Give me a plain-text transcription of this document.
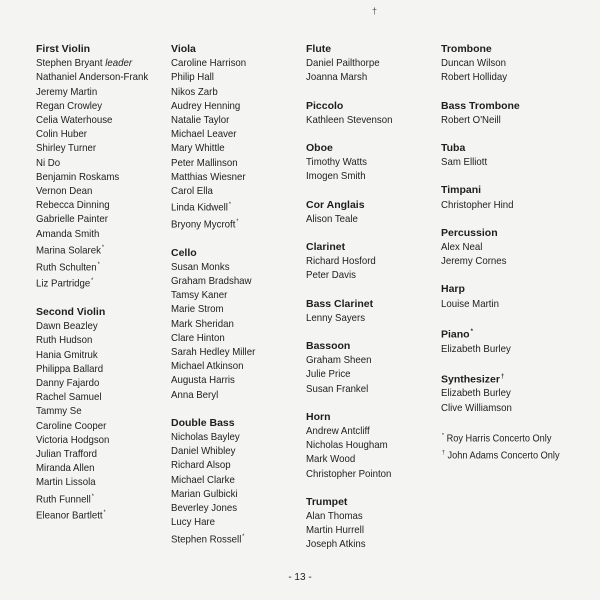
†
First Violin
Stephen Bryant leader
Nathaniel Anderson-Frank
Jeremy Martin
Regan Crowley
Celia Waterhouse
Colin Huber
Shirley Turner
Ni Do
Benjamin Roskams
Vernon Dean
Rebecca Dinning
Gabrielle Painter
Amanda Smith
Marina Solarek*
Ruth Schulten*
Liz Partridge*
Second Violin
Dawn Beazley
Ruth Hudson
Hania Gmitruk
Philippa Ballard
Danny Fajardo
Rachel Samuel
Tammy Se
Caroline Cooper
Victoria Hodgson
Julian Trafford
Miranda Allen
Martin Lissola
Ruth Funnell*
Eleanor Bartlett*
Viola
Caroline Harrison
Philip Hall
Nikos Zarb
Audrey Henning
Natalie Taylor
Michael Leaver
Mary Whittle
Peter Mallinson
Matthias Wiesner
Carol Ella
Linda Kidwell*
Bryony Mycroft*
Cello
Susan Monks
Graham Bradshaw
Tamsy Kaner
Marie Strom
Mark Sheridan
Clare Hinton
Sarah Hedley Miller
Michael Atkinson
Augusta Harris
Anna Beryl
Double Bass
Nicholas Bayley
Daniel Whibley
Richard Alsop
Michael Clarke
Marian Gulbicki
Beverley Jones
Lucy Hare
Stephen Rossell*
Flute
Daniel Pailthorpe
Joanna Marsh
Piccolo
Kathleen Stevenson
Oboe
Timothy Watts
Imogen Smith
Cor Anglais
Alison Teale
Clarinet
Richard Hosford
Peter Davis
Bass Clarinet
Lenny Sayers
Bassoon
Graham Sheen
Julie Price
Susan Frankel
Horn
Andrew Antcliff
Nicholas Hougham
Mark Wood
Christopher Pointon
Trumpet
Alan Thomas
Martin Hurrell
Joseph Atkins
Trombone
Duncan Wilson
Robert Holliday
Bass Trombone
Robert O'Neill
Tuba
Sam Elliott
Timpani
Christopher Hind
Percussion
Alex Neal
Jeremy Cornes
Harp
Louise Martin
Piano*
Elizabeth Burley
Synthesizer†
Elizabeth Burley
Clive Williamson
* Roy Harris Concerto Only
† John Adams Concerto Only
- 13 -
